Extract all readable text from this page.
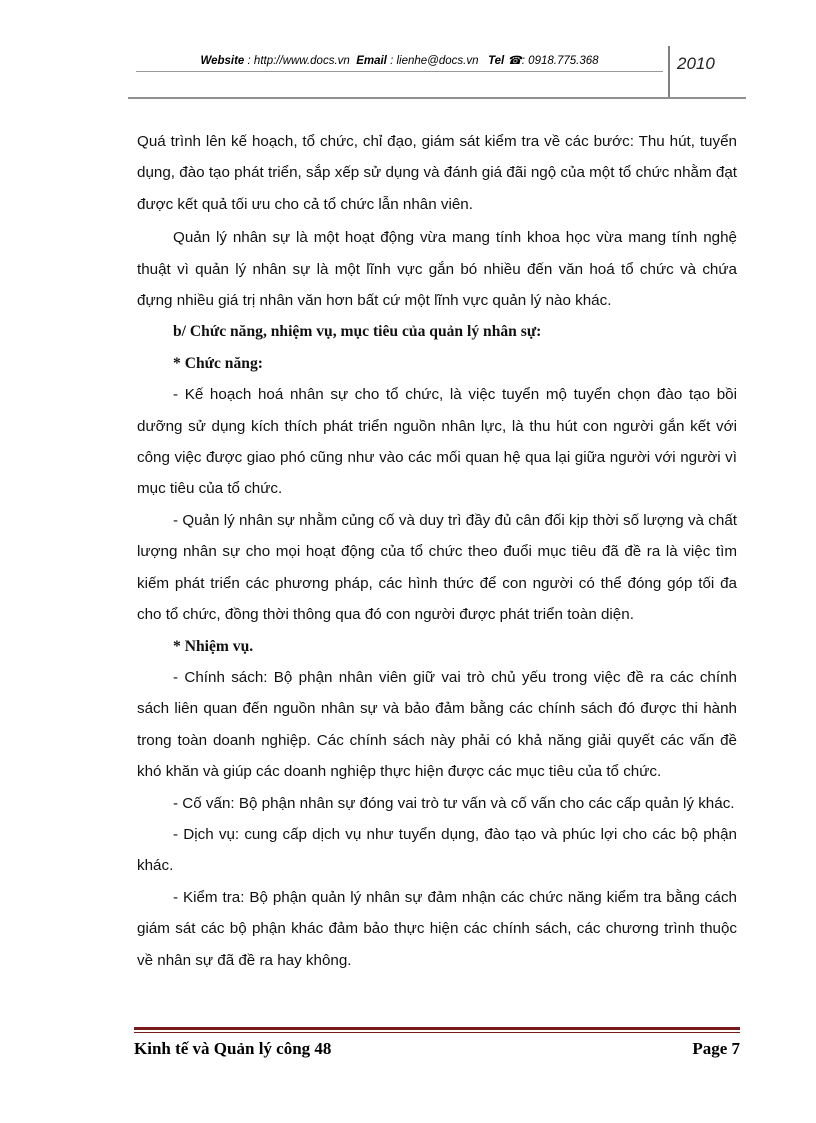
Website : http://www.docs.vn Email : lienhe@docs.vn Tel ☎: 0918.775.368	2010

Quá trình lên kế hoạch, tổ chức, chỉ đạo, giám sát kiểm tra về các bước: Thu hút, tuyển dụng, đào tạo phát triển, sắp xếp sử dụng và đánh giá đãi ngộ của một tổ chức nhằm đạt được kết quả tối ưu cho cả tổ chức lẫn nhân viên.

Quản lý nhân sự là một hoạt động vừa mang tính khoa học vừa mang tính nghệ thuật vì quản lý nhân sự là một lĩnh vực gắn bó nhiều đến văn hoá tổ chức và chứa đựng nhiều giá trị nhân văn hơn bất cứ một lĩnh vực quản lý nào khác.

b/ Chức năng, nhiệm vụ, mục tiêu của quản lý nhân sự:

* Chức năng:

- Kế hoạch hoá nhân sự cho tổ chức, là việc tuyển mộ tuyển chọn đào tạo bồi dưỡng sử dụng kích thích phát triển nguồn nhân lực, là thu hút con người gắn kết với công việc được giao phó cũng như vào các mối quan hệ qua lại giữa người với người vì mục tiêu của tổ chức.

- Quản lý nhân sự nhằm củng cố và duy trì đầy đủ cân đối kịp thời số lượng và chất lượng nhân sự cho mọi hoạt động của tổ chức theo đuổi mục tiêu đã đề ra là việc tìm kiếm phát triển các phương pháp, các hình thức để con người có thể đóng góp tối đa cho tổ chức, đồng thời thông qua đó con người được phát triển toàn diện.

* Nhiệm vụ.

- Chính sách: Bộ phận nhân viên giữ vai trò chủ yếu trong việc đề ra các chính sách liên quan đến nguồn nhân sự và bảo đảm bằng các chính sách đó được thi hành trong toàn doanh nghiệp. Các chính sách này phải có khả năng giải quyết các vấn đề khó khăn và giúp các doanh nghiệp thực hiện được các mục tiêu của tổ chức.

- Cố vấn: Bộ phận nhân sự đóng vai trò tư vấn và cố vấn cho các cấp quản lý khác.

- Dịch vụ: cung cấp dịch vụ như tuyển dụng, đào tạo và phúc lợi cho các bộ phận khác.

- Kiểm tra: Bộ phận quản lý nhân sự đảm nhận các chức năng kiểm tra bằng cách giám sát các bộ phận khác đảm bảo thực hiện các chính sách, các chương trình thuộc về nhân sự đã đề ra hay không.

Kinh tế và Quản lý công 48	Page 7
